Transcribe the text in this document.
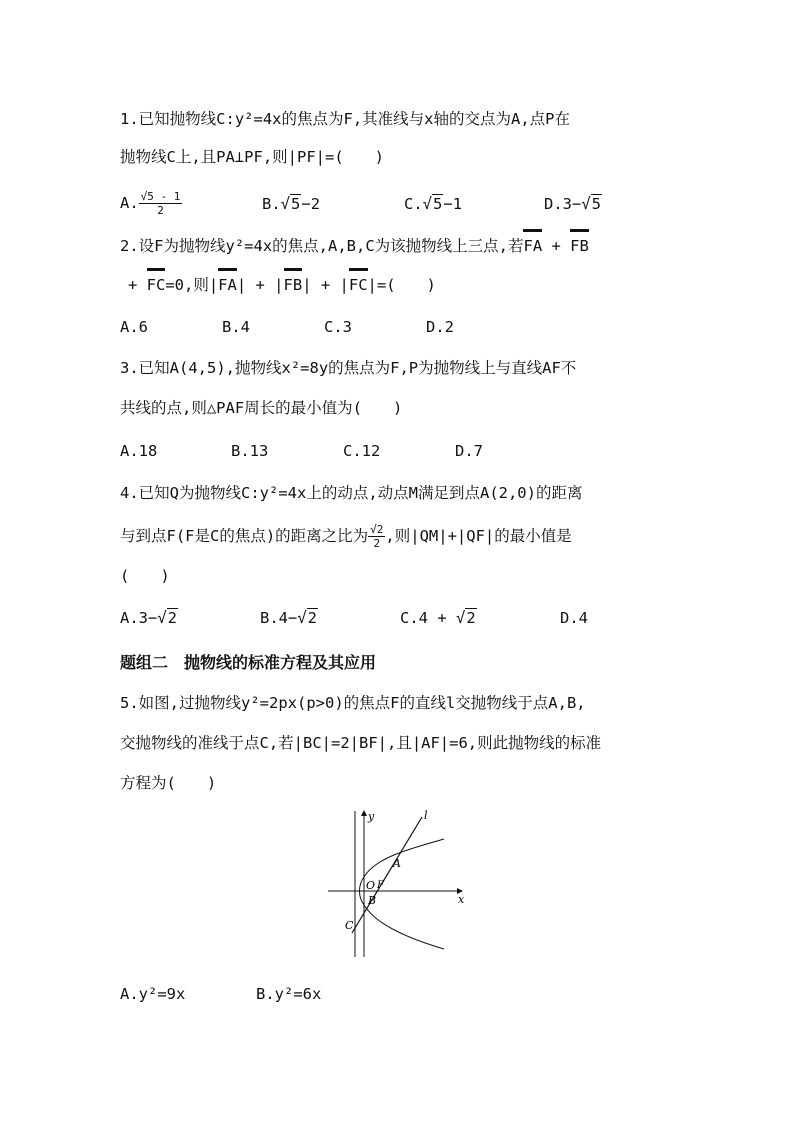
1.已知抛物线C:y²=4x的焦点为F,其准线与x轴的交点为A,点P在
抛物线C上,且PA⊥PF,则|PF|=(　　)
A. $\frac{√5 - 1}{2}$	B.√5−2	C.√5−1	D.3−√5
2.设F为抛物线y²=4x的焦点,A,B,C为该抛物线上三点,若FA + FB
+ FC=0,则|FA| + |FB| + |FC|=(　　)
A.6	B.4	C.3	D.2
3.已知A(4,5),抛物线x²=8y的焦点为F,P为抛物线上与直线AF不
共线的点,则△PAF周长的最小值为(　　)
A.18	B.13	C.12	D.7
4.已知Q为抛物线C:y²=4x上的动点,动点M满足到点A(2,0)的距离
与到点F(F是C的焦点)的距离之比为 $\frac{√2}{2}$ ,则|QM|+|QF|的最小值是
(　　)
A.3−√2	B.4−√2	C.4 + √2	D.4
题组二　抛物线的标准方程及其应用
5.如图,过抛物线y²=2px(p>0)的焦点F的直线l交抛物线于点A,B,
交抛物线的准线于点C,若|BC|=2|BF|,且|AF|=6,则此抛物线的标准
方程为(　　)
y	l
A
O F
x
B
C
A.y²=9x	B.y²=6x
